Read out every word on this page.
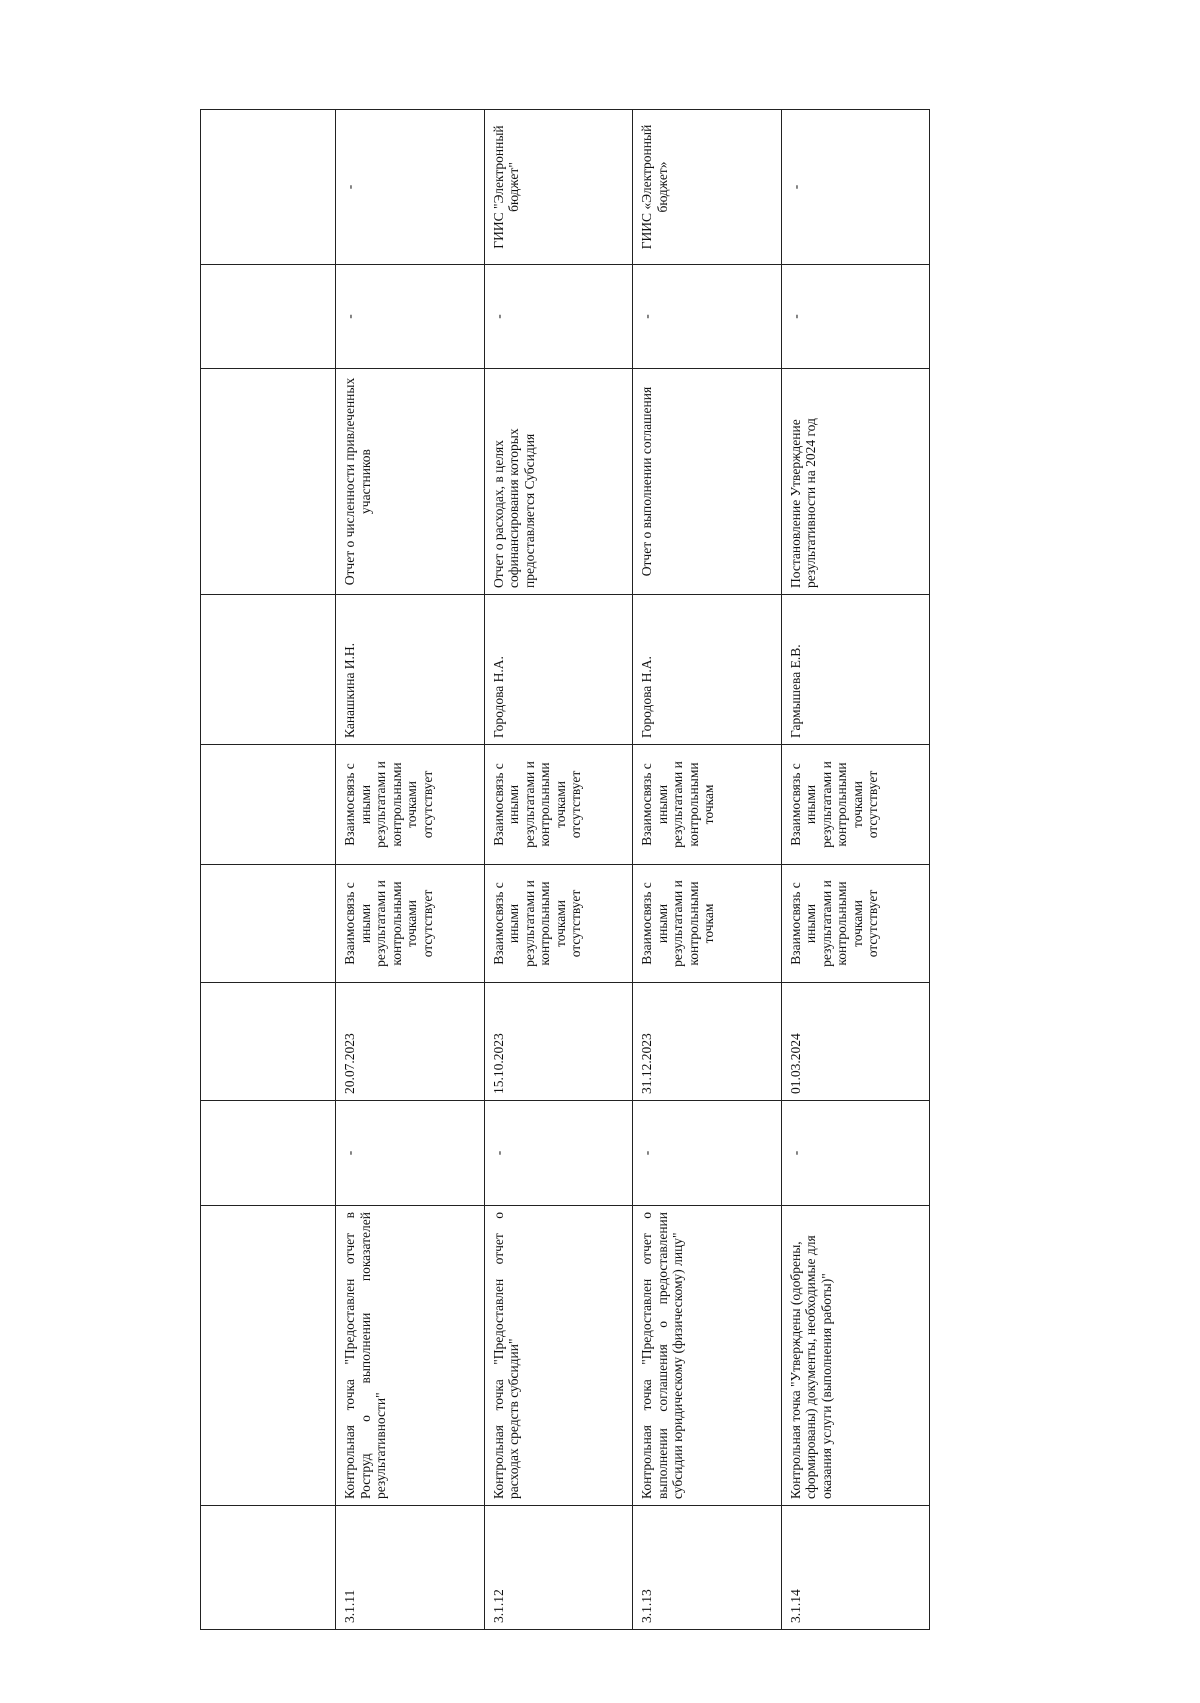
3.1.11	Контрольная точка "Предоставлен отчет в Роструд о выполнении показателей результативности"	-	20.07.2023	Взаимосвязь с иными результатами и контрольными точками отсутствует	Взаимосвязь с иными результатами и контрольными точками отсутствует	Канашкина И.Н.	Отчет о численности привлеченных участников	-	-
3.1.12	Контрольная точка "Предоставлен отчет о расходах средств субсидии"	-	15.10.2023	Взаимосвязь с иными результатами и контрольными точками отсутствует	Взаимосвязь с иными результатами и контрольными точками отсутствует	Городова Н.А.	Отчет о расходах, в целях софинансирования которых предоставляется Субсидия	-	ГИИС "Электронный бюджет"
3.1.13	Контрольная точка "Предоставлен отчет о выполнении соглашения о предоставлении субсидии юридическому (физическому) лицу"	-	31.12.2023	Взаимосвязь с иными результатами и контрольными точкам	Взаимосвязь с иными результатами и контрольными точкам	Городова Н.А.	Отчет о выполнении соглашения	-	ГИИС «Электронный бюджет»
3.1.14	Контрольная точка "Утверждены (одобрены, сформированы) документы, необходимые для оказания услуги (выполнения работы)"	-	01.03.2024	Взаимосвязь с иными результатами и контрольными точками отсутствует	Взаимосвязь с иными результатами и контрольными точками отсутствует	Гармышева Е.В.	Постановление Утверждение результативности на 2024 год	-	-
